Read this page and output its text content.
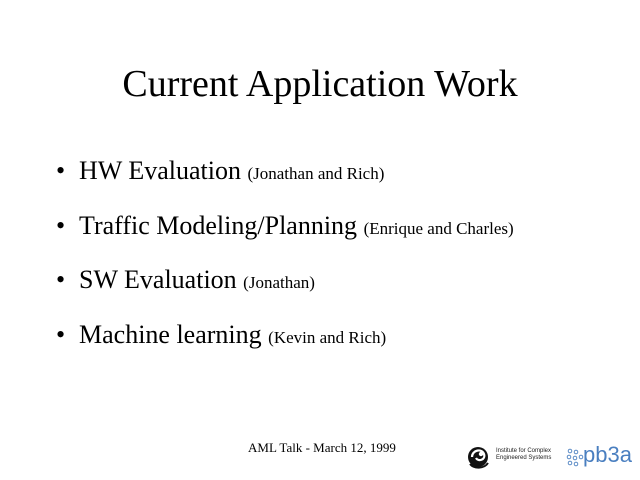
Current Application Work
• HW Evaluation (Jonathan and Rich)
• Traffic Modeling/Planning (Enrique and Charles)
• SW Evaluation (Jonathan)
• Machine learning (Kevin and Rich)
AML Talk - March 12, 1999	Institute for Complex
Engineered Systems pb3a
